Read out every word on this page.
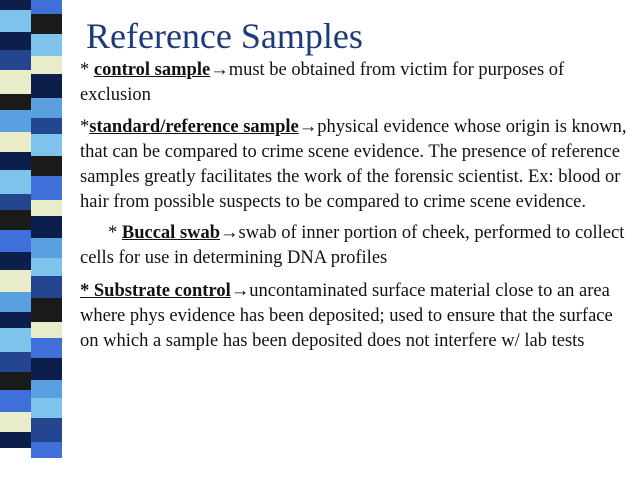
Reference Samples

* control sample→must be obtained from victim for purposes of exclusion

*standard/reference sample→physical evidence whose origin is known, that can be compared to crime scene evidence. The presence of reference samples greatly facilitates the work of the forensic scientist. Ex: blood or hair from possible suspects to be compared to crime scene evidence.

* Buccal swab→swab of inner portion of cheek, performed to collect cells for use in determining DNA profiles

* Substrate control→uncontaminated surface material close to an area where phys evidence has been deposited; used to ensure that the surface on which a sample has been deposited does not interfere w/ lab tests
